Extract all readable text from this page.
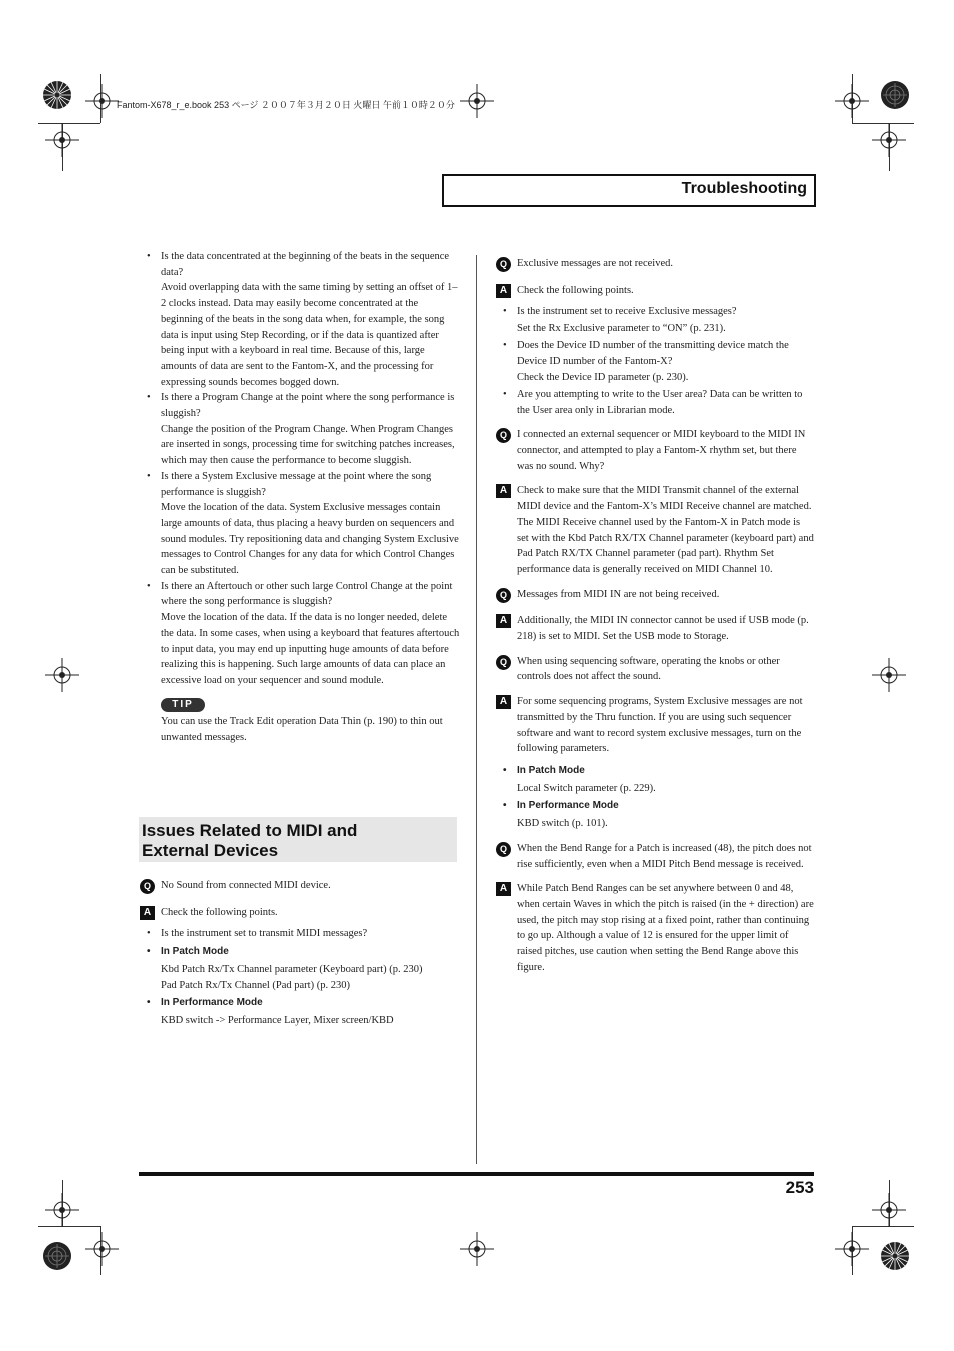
Fantom-X678_r_e.book 253 ページ ２００７年３月２０日 火曜日 午前１０時２０分
Troubleshooting
• Is the data concentrated at the beginning of the beats in the sequence data?
Avoid overlapping data with the same timing by setting an offset of 1–2 clocks instead. Data may easily become concentrated at the beginning of the beats in the song data when, for example, the song data is input using Step Recording, or if the data is quantized after being input with a keyboard in real time. Because of this, large amounts of data are sent to the Fantom-X, and the processing for expressing sounds becomes bogged down.
• Is there a Program Change at the point where the song performance is sluggish?
Change the position of the Program Change. When Program Changes are inserted in songs, processing time for switching patches increases, which may then cause the performance to become sluggish.
• Is there a System Exclusive message at the point where the song performance is sluggish?
Move the location of the data. System Exclusive messages contain large amounts of data, thus placing a heavy burden on sequencers and sound modules. Try repositioning data and changing System Exclusive messages to Control Changes for any data for which Control Changes can be substituted.
• Is there an Aftertouch or other such large Control Change at the point where the song performance is sluggish?
Move the location of the data. If the data is no longer needed, delete the data. In some cases, when using a keyboard that features aftertouch to input data, you may end up inputting huge amounts of data before realizing this is happening. Such large amounts of data can place an excessive load on your sequencer and sound module.
TIP
You can use the Track Edit operation Data Thin (p. 190) to thin out unwanted messages.
Issues Related to MIDI and
External Devices
Q No Sound from connected MIDI device.
A Check the following points.
• Is the instrument set to transmit MIDI messages?
• In Patch Mode
Kbd Patch Rx/Tx Channel parameter (Keyboard part) (p. 230)
Pad Patch Rx/Tx Channel (Pad part) (p. 230)
• In Performance Mode
KBD switch -> Performance Layer, Mixer screen/KBD
Q Exclusive messages are not received.
A Check the following points.
• Is the instrument set to receive Exclusive messages?
Set the Rx Exclusive parameter to “ON” (p. 231).
• Does the Device ID number of the transmitting device match the Device ID number of the Fantom-X?
Check the Device ID parameter (p. 230).
• Are you attempting to write to the User area? Data can be written to the User area only in Librarian mode.
Q I connected an external sequencer or MIDI keyboard to the MIDI IN connector, and attempted to play a Fantom-X rhythm set, but there was no sound. Why?
A Check to make sure that the MIDI Transmit channel of the external MIDI device and the Fantom-X’s MIDI Receive channel are matched. The MIDI Receive channel used by the Fantom-X in Patch mode is set with the Kbd Patch RX/TX Channel parameter (keyboard part) and Pad Patch RX/TX Channel parameter (pad part). Rhythm Set performance data is generally received on MIDI Channel 10.
Q Messages from MIDI IN are not being received.
A Additionally, the MIDI IN connector cannot be used if USB mode (p. 218) is set to MIDI. Set the USB mode to Storage.
Q When using sequencing software, operating the knobs or other controls does not affect the sound.
A For some sequencing programs, System Exclusive messages are not transmitted by the Thru function. If you are using such sequencer software and want to record system exclusive messages, turn on the following parameters.
• In Patch Mode
Local Switch parameter (p. 229).
• In Performance Mode
KBD switch (p. 101).
Q When the Bend Range for a Patch is increased (48), the pitch does not rise sufficiently, even when a MIDI Pitch Bend message is received.
A While Patch Bend Ranges can be set anywhere between 0 and 48, when certain Waves in which the pitch is raised (in the + direction) are used, the pitch may stop rising at a fixed point, rather than continuing to go up. Although a value of 12 is ensured for the upper limit of raised pitches, use caution when setting the Bend Range above this figure.
253
